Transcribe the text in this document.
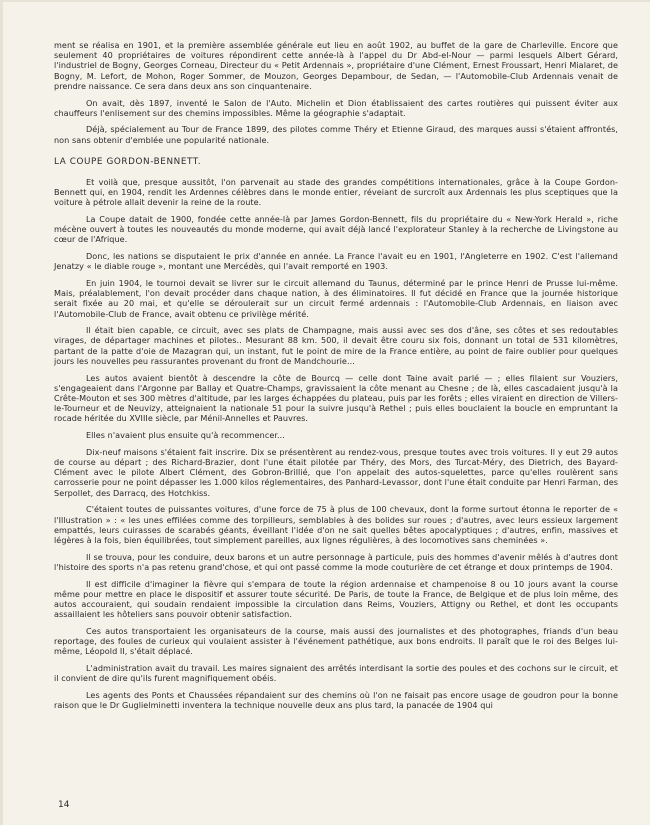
ment se réalisa en 1901, et la première assemblée générale eut lieu en août 1902, au buffet de la gare de Charleville. Encore que seulement 40 propriétaires de voitures répondirent cette année-là à l'appel du Dr Abd-el-Nour — parmi lesquels Albert Gérard, l'industriel de Bogny, Georges Corneau, Directeur du « Petit Ardennais », propriétaire d'une Clément, Ernest Froussart, Henri Mialaret, de Bogny, M. Lefort, de Mohon, Roger Sommer, de Mouzon, Georges Depambour, de Sedan, — l'Automobile-Club Ardennais venait de prendre naissance. Ce sera dans deux ans son cinquantenaire.

On avait, dès 1897, inventé le Salon de l'Auto. Michelin et Dion établissaient des cartes routières qui puissent éviter aux chauffeurs l'enlisement sur des chemins impossibles. Même la géographie s'adaptait.

Déjà, spécialement au Tour de France 1899, des pilotes comme Théry et Etienne Giraud, des marques aussi s'étaient affrontés, non sans obtenir d'emblée une popularité nationale.

LA COUPE GORDON-BENNETT.

Et voilà que, presque aussitôt, l'on parvenait au stade des grandes compétitions internationales, grâce à la Coupe Gordon-Bennett qui, en 1904, rendit les Ardennes célèbres dans le monde entier, réveiant de surcroît aux Ardennais les plus sceptiques que la voiture à pétrole allait devenir la reine de la route.

La Coupe datait de 1900, fondée cette année-là par James Gordon-Bennett, fils du propriétaire du « New-York Herald », riche mécène ouvert à toutes les nouveautés du monde moderne, qui avait déjà lancé l'explorateur Stanley à la recherche de Livingstone au cœur de l'Afrique.

Donc, les nations se disputaient le prix d'année en année. La France l'avait eu en 1901, l'Angleterre en 1902. C'est l'allemand Jenatzy « le diable rouge », montant une Mercédès, qui l'avait remporté en 1903.

En juin 1904, le tournoi devait se livrer sur le circuit allemand du Taunus, déterminé par le prince Henri de Prusse lui-même. Mais, préalablement, l'on devait procéder dans chaque nation, à des éliminatoires. Il fut décidé en France que la journée historique serait fixée au 20 mai, et qu'elle se déroulerait sur un circuit fermé ardennais : l'Automobile-Club Ardennais, en liaison avec l'Automobile-Club de France, avait obtenu ce privilège mérité.

Il était bien capable, ce circuit, avec ses plats de Champagne, mais aussi avec ses dos d'âne, ses côtes et ses redoutables virages, de départager machines et pilotes.. Mesurant 88 km. 500, il devait être couru six fois, donnant un total de 531 kilomètres, partant de la patte d'oie de Mazagran qui, un instant, fut le point de mire de la France entière, au point de faire oublier pour quelques jours les nouvelles peu rassurantes provenant du front de Mandchourie...

Les autos avaient bientôt à descendre la côte de Bourcq — celle dont Taine avait parlé — ; elles filaient sur Vouziers, s'engageaient dans l'Argonne par Ballay et Quatre-Champs, gravissaient la côte menant au Chesne ; de là, elles cascadaient jusqu'à la Crête-Mouton et ses 300 mètres d'altitude, par les larges échappées du plateau, puis par les forêts ; elles viraient en direction de Villers-le-Tourneur et de Neuvizy, atteignaient la nationale 51 pour la suivre jusqu'à Rethel ; puis elles bouclaient la boucle en empruntant la rocade héritée du XVIIIe siècle, par Ménil-Annelles et Pauvres.

Elles n'avaient plus ensuite qu'à recommencer...

Dix-neuf maisons s'étaient fait inscrire. Dix se présentèrent au rendez-vous, presque toutes avec trois voitures. Il y eut 29 autos de course au départ ; des Richard-Brazier, dont l'une était pilotée par Théry, des Mors, des Turcat-Méry, des Dietrich, des Bayard-Clément avec le pilote Albert Clément, des Gobron-Brillié, que l'on appelait des autos-squelettes, parce qu'elles roulèrent sans carrosserie pour ne point dépasser les 1.000 kilos réglementaires, des Panhard-Levassor, dont l'une était conduite par Henri Farman, des Serpollet, des Darracq, des Hotchkiss.

C'étaient toutes de puissantes voitures, d'une force de 75 à plus de 100 chevaux, dont la forme surtout étonna le reporter de « l'Illustration » : « les unes effilées comme des torpilleurs, semblables à des bolides sur roues ; d'autres, avec leurs essieux largement empattés, leurs cuirasses de scarabés géants, éveillant l'idée d'on ne sait quelles bêtes apocalyptiques ; d'autres, enfin, massives et légères à la fois, bien équilibrées, tout simplement pareilles, aux lignes régulières, à des locomotives sans cheminées ».

Il se trouva, pour les conduire, deux barons et un autre personnage à particule, puis des hommes d'avenir mêlés à d'autres dont l'histoire des sports n'a pas retenu grand'chose, et qui ont passé comme la mode couturière de cet étrange et doux printemps de 1904.

Il est difficile d'imaginer la fièvre qui s'empara de toute la région ardennaise et champenoise 8 ou 10 jours avant la course même pour mettre en place le dispositif et assurer toute sécurité. De Paris, de toute la France, de Belgique et de plus loin même, des autos accouraient, qui soudain rendaient impossible la circulation dans Reims, Vouziers, Attigny ou Rethel, et dont les occupants assaillaient les hôteliers sans pouvoir obtenir satisfaction.

Ces autos transportaient les organisateurs de la course, mais aussi des journalistes et des photographes, friands d'un beau reportage, des foules de curieux qui voulaient assister à l'événement pathétique, aux bons endroits. Il paraît que le roi des Belges lui-même, Léopold II, s'était déplacé.

L'administration avait du travail. Les maires signaient des arrêtés interdisant la sortie des poules et des cochons sur le circuit, et il convient de dire qu'ils furent magnifiquement obéis.

Les agents des Ponts et Chaussées répandaient sur des chemins où l'on ne faisait pas encore usage de goudron pour la bonne raison que le Dr Guglielminetti inventera la technique nouvelle deux ans plus tard, la panacée de 1904 qui

14
